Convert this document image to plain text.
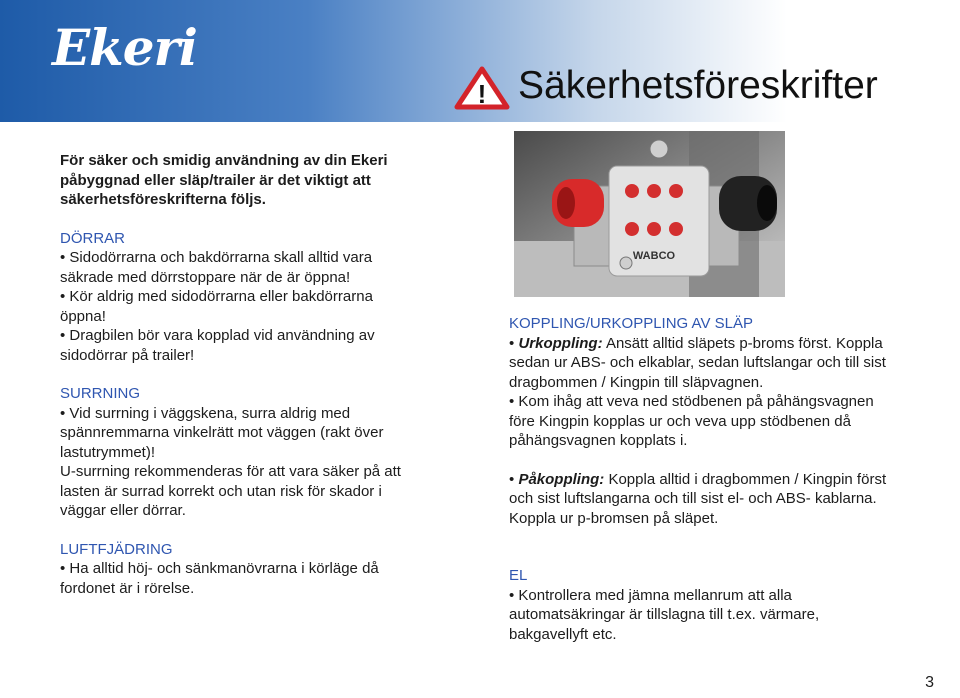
Ekeri
! Säkerhetsföreskrifter

För säker och smidig användning av din Ekeri påbyggnad eller släp/trailer är det viktigt att säkerhetsföreskrifterna följs.

DÖRRAR

• Sidodörrarna och bakdörrarna skall alltid vara säkrade med dörrstoppare när de är öppna!

• Kör aldrig med sidodörrarna eller bakdörrarna öppna!

• Dragbilen bör vara kopplad vid användning av sidodörrar på trailer!

SURRNING

• Vid surrning i väggskena, surra aldrig med spännremmarna vinkelrätt mot väggen (rakt över lastutrymmet)!

U-surrning rekommenderas för att vara säker på att lasten är surrad korrekt och utan risk för skador i väggar eller dörrar.

LUFTFJÄDRING

• Ha alltid höj- och sänkmanövrarna i körläge då fordonet är i rörelse.

WABCO

KOPPLING/URKOPPLING AV SLÄP

• Urkoppling: Ansätt alltid släpets p-broms först. Koppla sedan ur ABS- och elkablar, sedan luftslangar och till sist dragbommen / Kingpin till släpvagnen.

• Kom ihåg att veva ned stödbenen på påhängsvagnen före Kingpin kopplas ur och veva upp stödbenen då påhängsvagnen kopplats i.

• Påkoppling: Koppla alltid i dragbommen / Kingpin först och sist luftslangarna och till sist el- och ABS- kablarna. Koppla ur p-bromsen på släpet.

EL

• Kontrollera med jämna mellanrum att alla automatsäkringar är tillslagna till t.ex. värmare, bakgavellyft etc.

3
